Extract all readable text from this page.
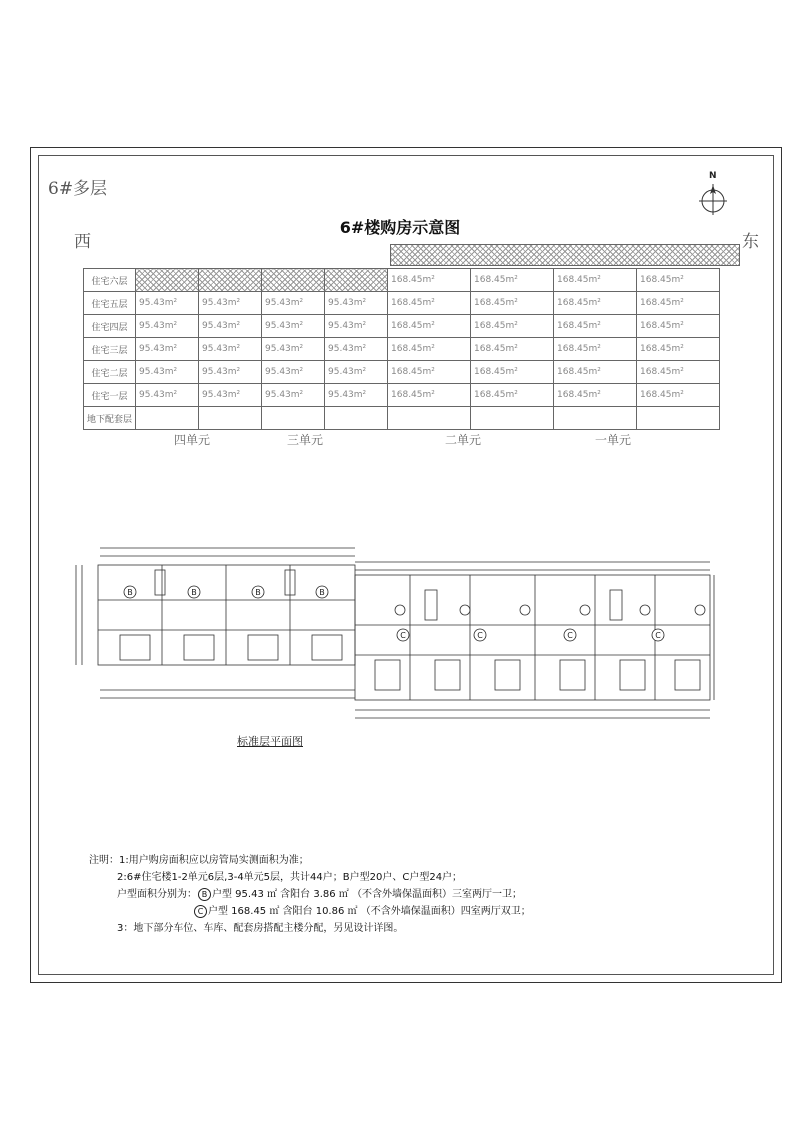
6#多层
西	东
6#楼购房示意图
N
住宅六层					168.45m²	168.45m²	168.45m²	168.45m²
住宅五层	95.43m²	95.43m²	95.43m²	95.43m²	168.45m²	168.45m²	168.45m²	168.45m²
住宅四层	95.43m²	95.43m²	95.43m²	95.43m²	168.45m²	168.45m²	168.45m²	168.45m²
住宅三层	95.43m²	95.43m²	95.43m²	95.43m²	168.45m²	168.45m²	168.45m²	168.45m²
住宅二层	95.43m²	95.43m²	95.43m²	95.43m²	168.45m²	168.45m²	168.45m²	168.45m²
住宅一层	95.43m²	95.43m²	95.43m²	95.43m²	168.45m²	168.45m²	168.45m²	168.45m²
地下配套层								
四单元	三单元	二单元	一单元
B	B	B	B
C	C	C	C
标准层平面图
注明：1:用户购房面积应以房管局实测面积为准；
2:6#住宅楼1-2单元6层,3-4单元5层，共计44户；B户型20户、C户型24户；
户型面积分别为： B 户型 95.43 ㎡ 含阳台 3.86 ㎡ （不含外墙保温面积）三室两厅一卫；
C 户型 168.45 ㎡ 含阳台 10.86 ㎡ （不含外墙保温面积）四室两厅双卫；
3：地下部分车位、车库、配套房搭配主楼分配，另见设计详图。
